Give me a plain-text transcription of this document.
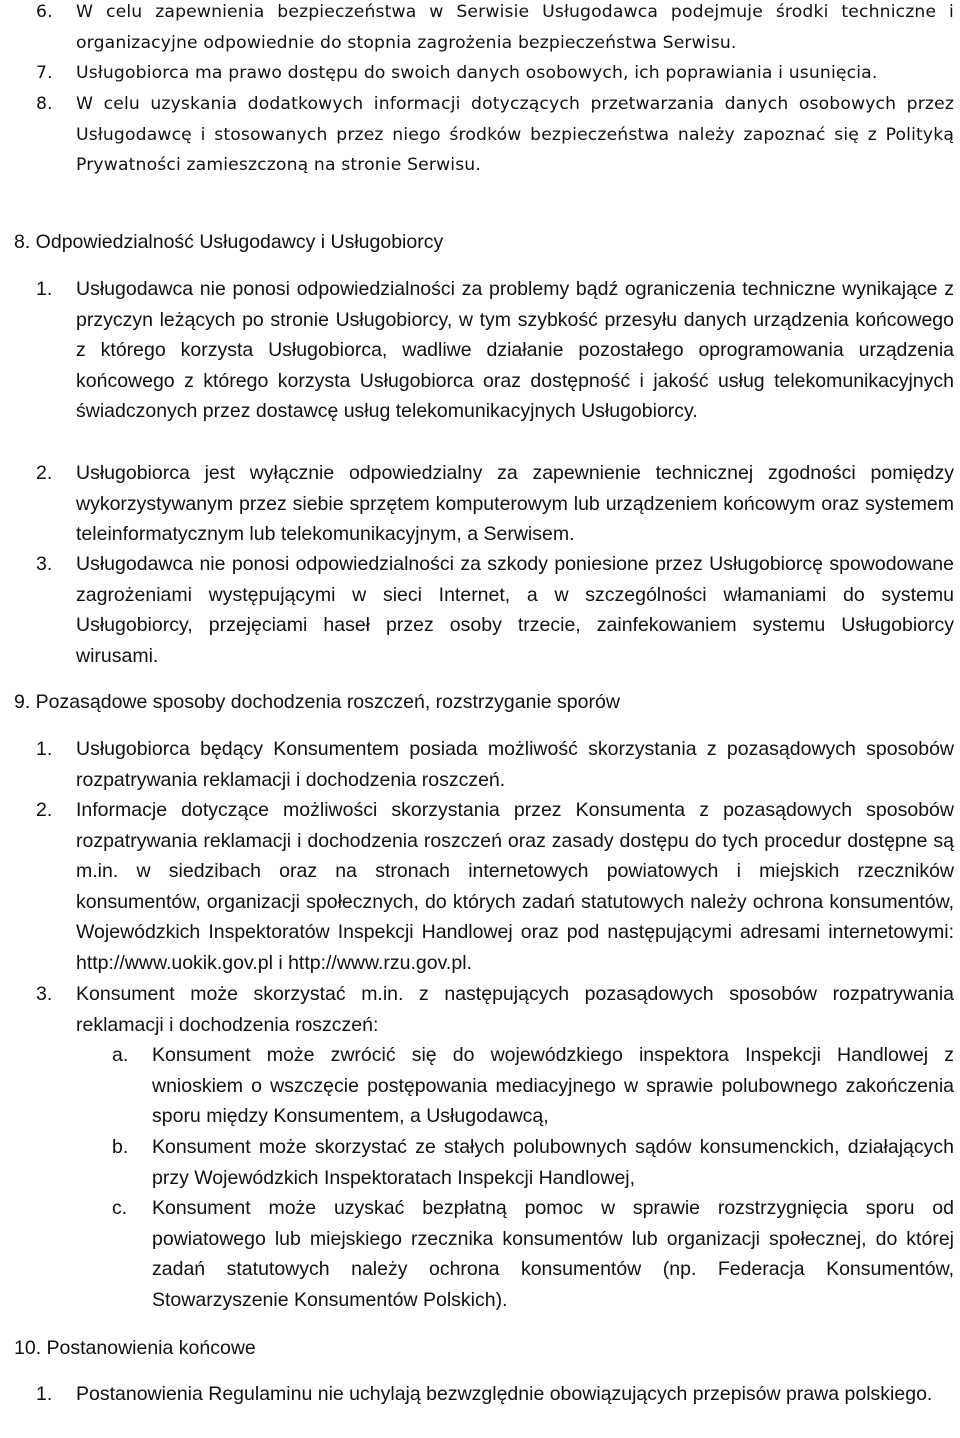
6. W celu zapewnienia bezpieczeństwa w Serwisie Usługodawca podejmuje środki techniczne i organizacyjne odpowiednie do stopnia zagrożenia bezpieczeństwa Serwisu.
7. Usługobiorca ma prawo dostępu do swoich danych osobowych, ich poprawiania i usunięcia.
8. W celu uzyskania dodatkowych informacji dotyczących przetwarzania danych osobowych przez Usługodawcę i stosowanych przez niego środków bezpieczeństwa należy zapoznać się z Polityką Prywatności zamieszczoną na stronie Serwisu.
8. Odpowiedzialność Usługodawcy i Usługobiorcy
1. Usługodawca nie ponosi odpowiedzialności za problemy bądź ograniczenia techniczne wynikające z przyczyn leżących po stronie Usługobiorcy, w tym szybkość przesyłu danych urządzenia końcowego z którego korzysta Usługobiorca, wadliwe działanie pozostałego oprogramowania urządzenia końcowego z którego korzysta Usługobiorca oraz dostępność i jakość usług telekomunikacyjnych świadczonych przez dostawcę usług telekomunikacyjnych Usługobiorcy.
2. Usługobiorca jest wyłącznie odpowiedzialny za zapewnienie technicznej zgodności pomiędzy wykorzystywanym przez siebie sprzętem komputerowym lub urządzeniem końcowym oraz systemem teleinformatycznym lub telekomunikacyjnym, a Serwisem.
3. Usługodawca nie ponosi odpowiedzialności za szkody poniesione przez Usługobiorcę spowodowane zagrożeniami występującymi w sieci Internet, a w szczególności włamaniami do systemu Usługobiorcy, przejęciami haseł przez osoby trzecie, zainfekowaniem systemu Usługobiorcy wirusami.
9. Pozasądowe sposoby dochodzenia roszczeń, rozstrzyganie sporów
1. Usługobiorca będący Konsumentem posiada możliwość skorzystania z pozasądowych sposobów rozpatrywania reklamacji i dochodzenia roszczeń.
2. Informacje dotyczące możliwości skorzystania przez Konsumenta z pozasądowych sposobów rozpatrywania reklamacji i dochodzenia roszczeń oraz zasady dostępu do tych procedur dostępne są m.in. w siedzibach oraz na stronach internetowych powiatowych i miejskich rzeczników konsumentów, organizacji społecznych, do których zadań statutowych należy ochrona konsumentów, Wojewódzkich Inspektoratów Inspekcji Handlowej oraz pod następującymi adresami internetowymi: http://www.uokik.gov.pl i http://www.rzu.gov.pl.
3. Konsument może skorzystać m.in. z następujących pozasądowych sposobów rozpatrywania reklamacji i dochodzenia roszczeń:
a. Konsument może zwrócić się do wojewódzkiego inspektora Inspekcji Handlowej z wnioskiem o wszczęcie postępowania mediacyjnego w sprawie polubownego zakończenia sporu między Konsumentem, a Usługodawcą,
b. Konsument może skorzystać ze stałych polubownych sądów konsumenckich, działających przy Wojewódzkich Inspektoratach Inspekcji Handlowej,
c. Konsument może uzyskać bezpłatną pomoc w sprawie rozstrzygnięcia sporu od powiatowego lub miejskiego rzecznika konsumentów lub organizacji społecznej, do której zadań statutowych należy ochrona konsumentów (np. Federacja Konsumentów, Stowarzyszenie Konsumentów Polskich).
10. Postanowienia końcowe
1. Postanowienia Regulaminu nie uchylają bezwzględnie obowiązujących przepisów prawa polskiego.
